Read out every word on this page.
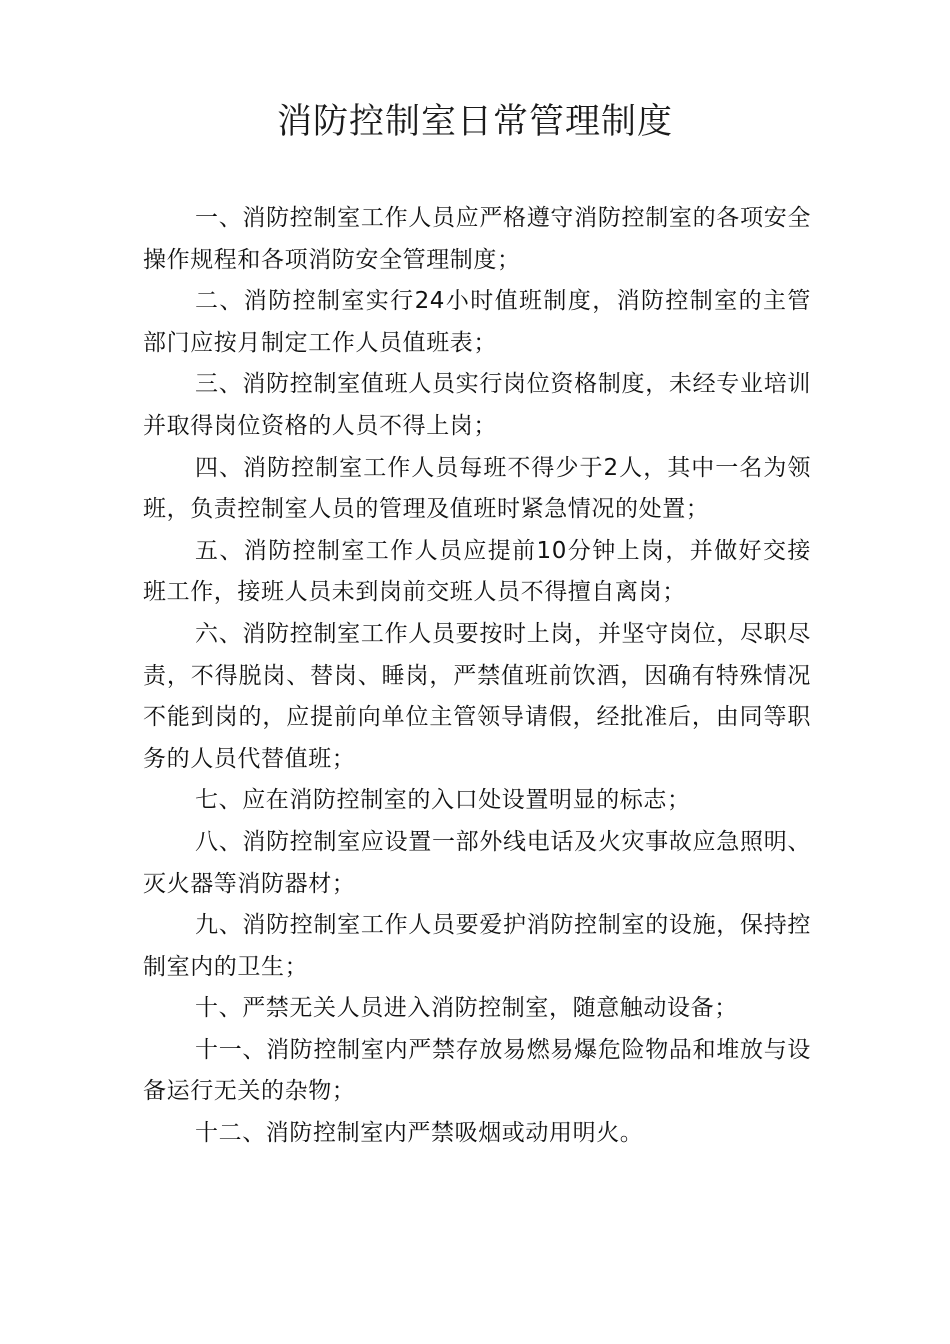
消防控制室日常管理制度
一、消防控制室工作人员应严格遵守消防控制室的各项安全操作规程和各项消防安全管理制度；
二、消防控制室实行24小时值班制度，消防控制室的主管部门应按月制定工作人员值班表；
三、消防控制室值班人员实行岗位资格制度，未经专业培训并取得岗位资格的人员不得上岗；
四、消防控制室工作人员每班不得少于2人，其中一名为领班，负责控制室人员的管理及值班时紧急情况的处置；
五、消防控制室工作人员应提前10分钟上岗，并做好交接班工作，接班人员未到岗前交班人员不得擅自离岗；
六、消防控制室工作人员要按时上岗，并坚守岗位，尽职尽责，不得脱岗、替岗、睡岗，严禁值班前饮酒，因确有特殊情况不能到岗的，应提前向单位主管领导请假，经批准后，由同等职务的人员代替值班；
七、应在消防控制室的入口处设置明显的标志；
八、消防控制室应设置一部外线电话及火灾事故应急照明、灭火器等消防器材；
九、消防控制室工作人员要爱护消防控制室的设施，保持控制室内的卫生；
十、严禁无关人员进入消防控制室，随意触动设备；
十一、消防控制室内严禁存放易燃易爆危险物品和堆放与设备运行无关的杂物；
十二、消防控制室内严禁吸烟或动用明火。
